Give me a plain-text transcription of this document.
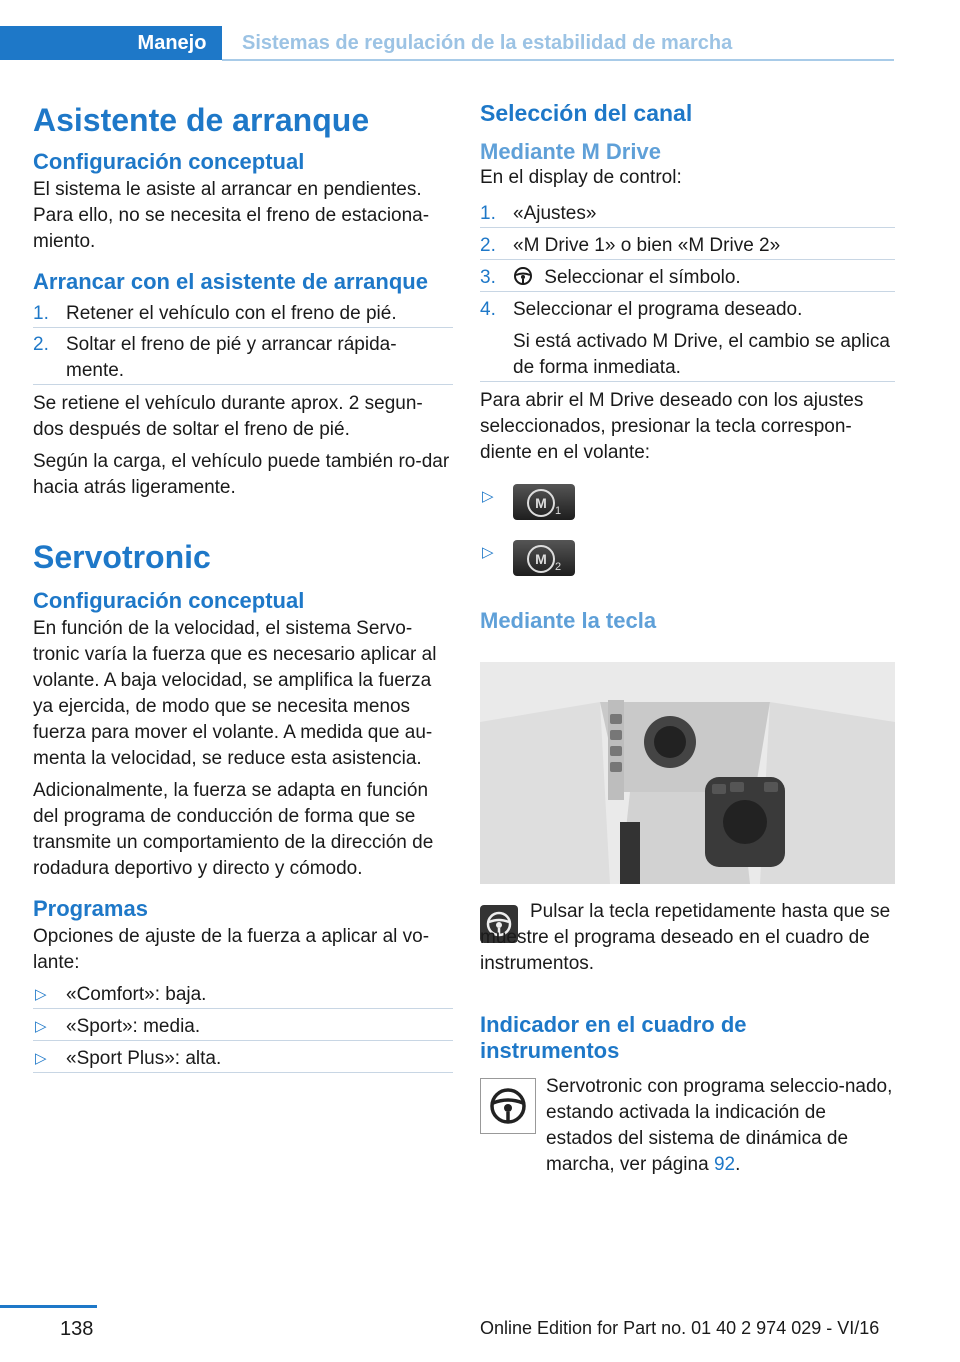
Manejo	Sistemas de regulación de la estabilidad de marcha
Asistente de arranque
Configuración conceptual

El sistema le asiste al arrancar en pendientes. Para ello, no se necesita el freno de estaciona‐miento.

Arrancar con el asistente de arranque
1. Retener el vehículo con el freno de pié.
2. Soltar el freno de pié y arrancar rápida‐mente.

Se retiene el vehículo durante aprox. 2 segun‐dos después de soltar el freno de pié.

Según la carga, el vehículo puede también ro‐dar hacia atrás ligeramente.

Servotronic
Configuración conceptual

En función de la velocidad, el sistema Servo‐tronic varía la fuerza que es necesario aplicar al volante. A baja velocidad, se amplifica la fuerza ya ejercida, de modo que se necesita menos fuerza para mover el volante. A medida que au‐menta la velocidad, se reduce esta asistencia.

Adicionalmente, la fuerza se adapta en función del programa de conducción de forma que se transmite un comportamiento de la dirección de rodadura deportivo y directo y cómodo.

Programas

Opciones de ajuste de la fuerza a aplicar al vo‐lante:

▷ «Comfort»: baja.
▷ «Sport»: media.
▷ «Sport Plus»: alta.
Selección del canal
Mediante M Drive

En el display de control:

1. «Ajustes»
2. «M Drive 1» o bien «M Drive 2»
3.	Seleccionar el símbolo.
4. Seleccionar el programa deseado.
Si está activado M Drive, el cambio se aplica de forma inmediata.

Para abrir el M Drive deseado con los ajustes seleccionados, presionar la tecla correspon‐diente en el volante:

▷	M 1
▷	M 2
Mediante la tecla

Pulsar la tecla repetidamente hasta que se muestre el programa deseado en el cuadro de instrumentos.

Indicador en el cuadro de instrumentos
Servotronic con programa seleccio‐nado, estando activada la indicación de estados del sistema de dinámica de marcha, ver página 92.
138	Online Edition for Part no. 01 40 2 974 029 - VI/16
